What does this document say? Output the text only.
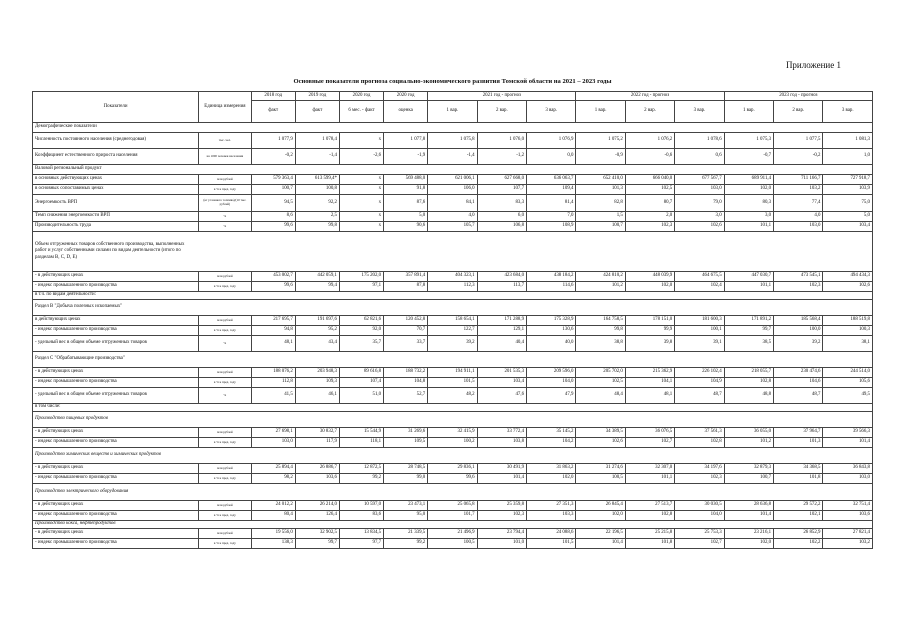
Приложение 1
Основные показатели прогноза социально-экономического развития Томской области на 2021 – 2023 годы
Показатели	Единица измерения	2018 год	2019 год	2020 год	2020 год	2021 год - прогноз			2022 год - прогноз			2023 год - прогноз		
		факт	факт	6 мес. - факт	оценка	1 вар.	2 вар.	3 вар.	1 вар.	2 вар.	3 вар.	1 вар.	2 вар.	3 вар.
Демографические показатели														
Численность постоянного населения (среднегодовая)	тыс. чел.	1 077,9	1 078,4	x	1 077,8	1 075,8	1 076,0	1 076,9	1 075,2	1 076,2	1 078,6	1 075,3	1 077,5	1 081,3
Коэффициент естественного прироста населения	на 1000 человек населения	-0,2	-1,4	-2,6	-1,9	-1,4	-1,2	0,0	-0,9	-0,6	0,6	-0,7	-0,2	1,0
Валовой региональный продукт														
в основных действующих ценах	млн рублей	579 363,4	613 599,4*	x	569 488,0	621 006,1	627 668,0	636 063,7	652 410,0	666 040,0	677 567,7	689 911,4	711 166,7	727 918,7
в основных сопоставимых ценах	в % к пред. году	100,7	100,8	x	91,8	106,0	107,7	109,4	101,3	102,5	103,0	102,0	103,2	103,9
Энергоемкость ВРП	(кг условного топлива)/(10 тыс. рублей)	94,5	92,2	x	87,6	84,1	83,3	81,4	82,8	80,7	79,0	80,3	77,4	75,0
Темп снижения энергоемкости ВРП	%	8,6	2,5	x	5,0	4,0	6,0	7,0	1,5	2,0	3,0	3,0	4,0	5,0
Производительность труда	%	99,6	99,8	x	90,6	105,7	106,8	108,9	100,7	102,3	102,6	101,1	103,0	103,4

Объем отгруженных товаров собственного производства, выполненных работ и услуг собственными силами по видам деятельности (итого по разделам B, C, D, E)														

- в действующих ценах	млн рублей	453 002,7	442 059,1	175 202,0	357 891,4	404 323,1	423 684,0	438 184,2	424 810,2	448 039,9	464 675,5	447 030,7	473 545,1	494 434,3
- индекс промышленного производства	в % к пред. году	99,6	99,4	97,1	87,8	112,3	113,7	114,6	101,2	102,0	102,4	101,1	102,3	102,6
в т.ч. по видам деятельности:														
Раздел B "Добыча полезных ископаемых"														
в действующих ценах	млн рублей	217 695,7	191 697,6	62 821,6	120 452,8	158 654,1	171 288,9	175 328,9	164 758,5	178 151,0	181 600,3	171 891,2	185 568,4	188 519,8
- индекс промышленного производства	в % к пред. году	94,8	95,2	92,0	70,7	122,7	129,1	130,6	99,8	99,9	100,1	99,7	100,0	100,3
- удельный вес в общем объеме отгруженных товаров	%	48,1	43,4	35,7	33,7	39,2	40,4	40,0	38,8	39,8	39,1	38,5	39,2	38,1
Раздел C "Обрабатывающие производства"														
- в действующих ценах	млн рублей	188 076,2	203 948,3	89 616,8	188 732,2	194 911,1	201 535,3	209 596,0	205 702,0	215 362,9	226 102,4	218 055,7	230 474,6	244 514,0
- индекс промышленного производства	в % к пред. году	112,8	109,3	107,4	104,8	101,5	103,4	104,0	102,5	104,1	104,9	102,8	104,6	105,6
- удельный вес в общем объеме отгруженных товаров	%	41,5	46,1	51,0	52,7	48,2	47,6	47,9	48,4	48,1	48,7	48,8	48,7	49,5
в том числе:														
Производство пищевых продуктов														
- в действующих ценах	млн рублей	27 698,1	30 832,7	15 544,9	31 269,6	32 415,9	33 772,4	35 145,2	34 389,5	36 076,5	37 561,3	36 055,0	37 964,7	39 566,3
- индекс промышленного производства	в % к пред. году	103,0	117,9	118,1	109,5	100,2	103,8	104,2	102,6	102,7	102,8	101,2	101,3	101,4
Производство химических веществ и химических продуктов														
- в действующих ценах	млн рублей	25 894,4	26 886,7	12 872,5	28 748,5	29 836,1	30 491,9	31 863,2	31 274,6	32 307,0	34 197,6	32 879,3	34 368,5	36 843,8
- индекс промышленного производства	в % к пред. году	98,2	103,6	99,2	99,0	99,6	101,4	102,0	100,5	101,1	102,3	100,7	101,8	103,0
Производство электрического оборудования														
- в действующих ценах	млн рублей	24 012,2	26 214,0	10 597,0	23 473,1	25 065,8	25 359,8	27 351,3	26 845,4	27 513,7	30 030,5	28 636,8	29 572,2	32 751,4
- индекс промышленного производства	в % к пред. году	80,4	126,4	83,6	95,0	101,7	102,3	103,3	102,0	102,8	104,0	101,4	102,1	103,6
Производство кокса, нефтепродуктов														
- в действующих ценах	млн рублей	19 556,0	32 902,5	13 834,5	21 339,5	21 496,9	23 794,4	24 088,6	22 196,5	25 215,8	25 753,3	23 216,1	26 852,9	27 821,4
- индекс промышленного производства	в % к пред. году	138,3	99,7	97,7	99,2	100,5	101,0	101,5	101,4	101,8	102,7	102,0	102,2	103,2
